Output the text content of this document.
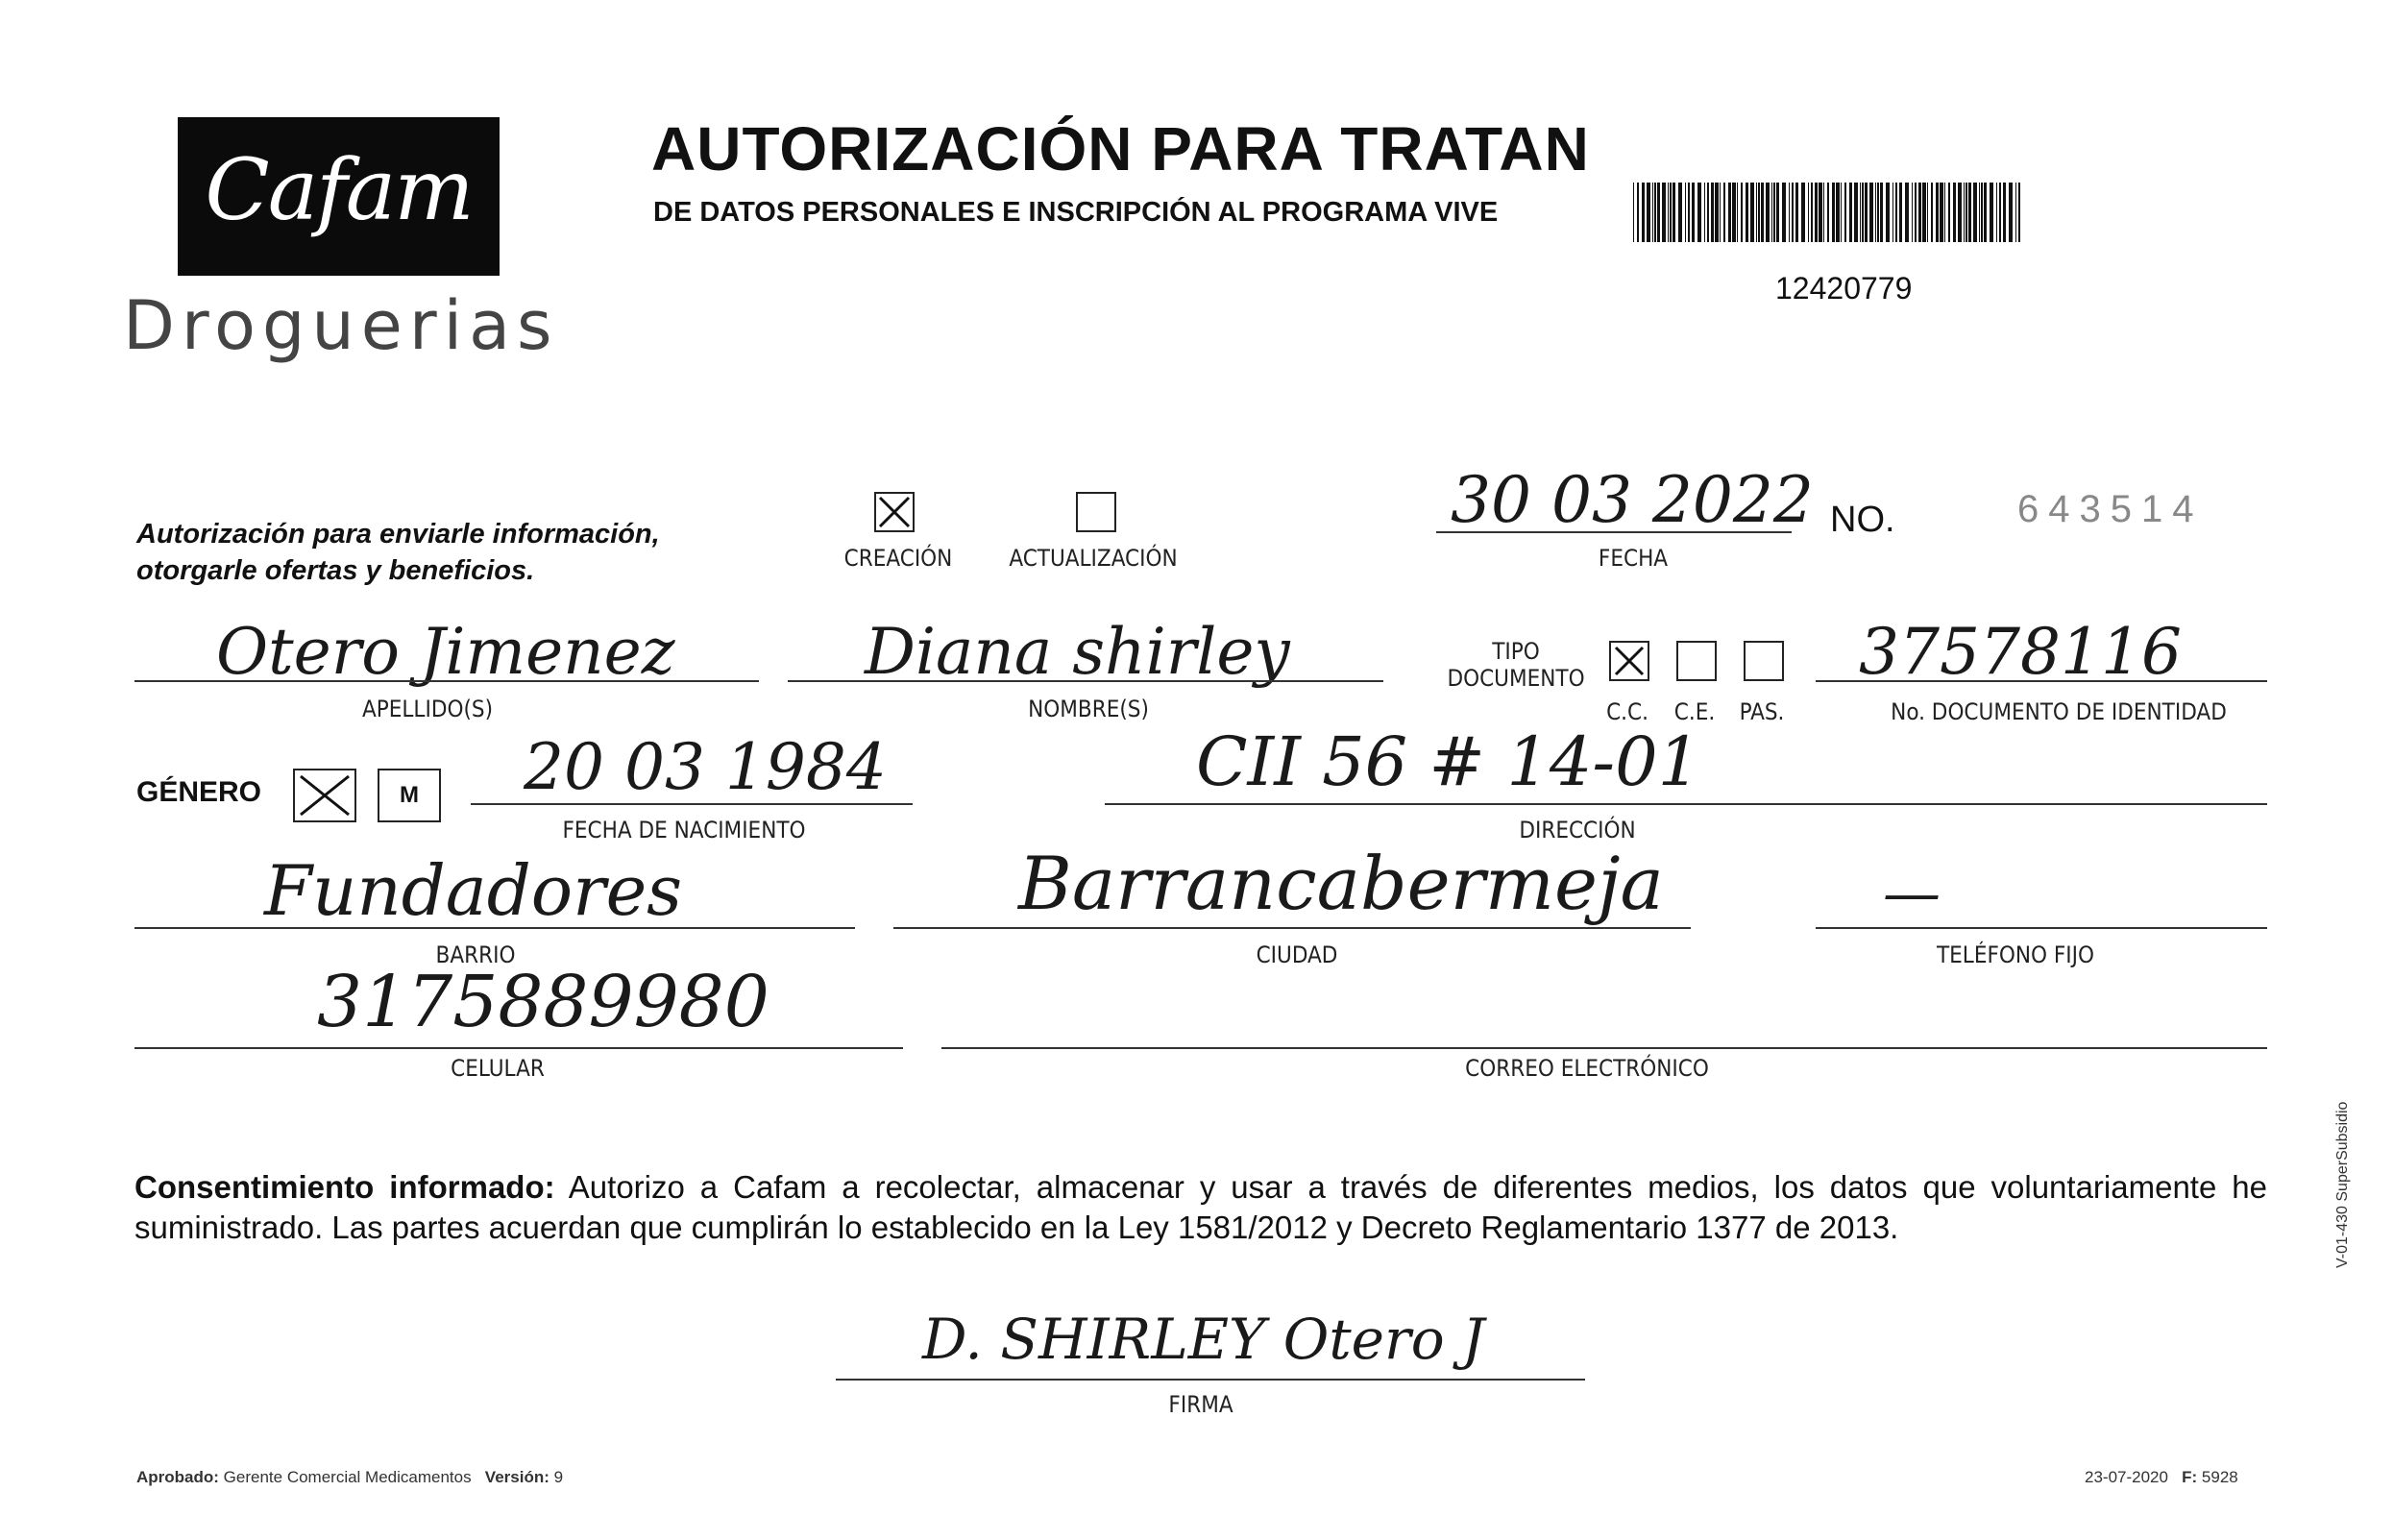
Cafam
Droguerias
AUTORIZACIÓN PARA TRATAN
DE DATOS PERSONALES E INSCRIPCIÓN AL PROGRAMA VIVE
12420779
Autorización para enviarle información,
otorgarle ofertas y beneficios.	CREACIÓN ACTUALIZACIÓN
30 03 2022
FECHA
NO.	643514
Otero Jimenez
APELLIDO(S)
Diana shirley
NOMBRE(S)
TIPO
DOCUMENTO
C.C. C.E. PAS.
37578116
No. DOCUMENTO DE IDENTIDAD
GÉNERO	M	20 03 1984
FECHA DE NACIMIENTO
CII 56 # 14-01
DIRECCIÓN
Fundadores
BARRIO
Barrancabermeja
CIUDAD
—
TELÉFONO FIJO
3175889980
CELULAR	CORREO ELECTRÓNICO
Consentimiento informado: Autorizo a Cafam a recolectar, almacenar y usar a través de diferentes medios, los datos que voluntariamente he suministrado. Las partes acuerdan que cumplirán lo establecido en la Ley 1581/2012 y Decreto Reglamentario 1377 de 2013.
D. SHIRLEY Otero J
FIRMA
Aprobado: Gerente Comercial Medicamentos Versión: 9	23-07-2020 F: 5928
V-01-430 SuperSubsidio
